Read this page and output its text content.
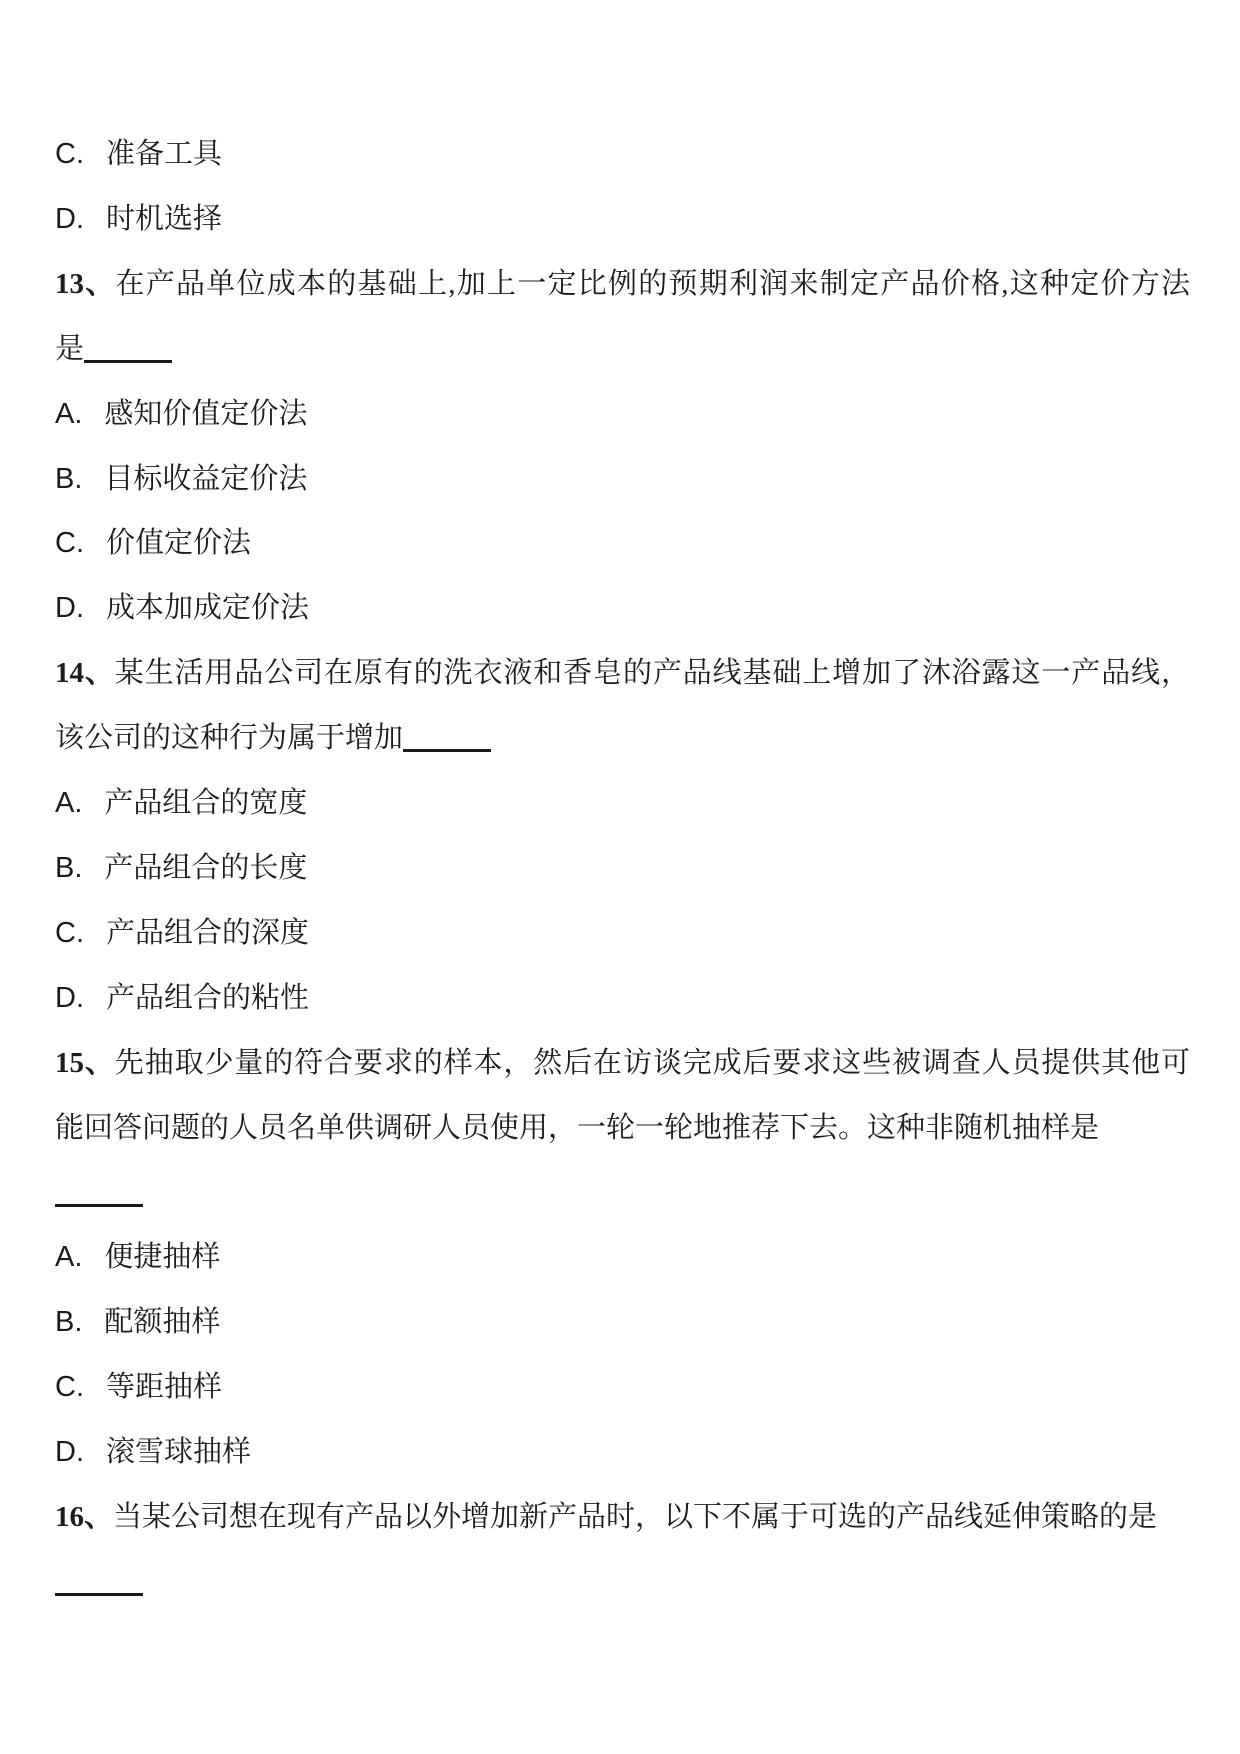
C. 准备工具
D. 时机选择
13、在产品单位成本的基础上,加上一定比例的预期利润来制定产品价格,这种定价方法
是
A. 感知价值定价法
B. 目标收益定价法
C. 价值定价法
D. 成本加成定价法
14、某生活用品公司在原有的洗衣液和香皂的产品线基础上增加了沐浴露这一产品线，
该公司的这种行为属于增加
A. 产品组合的宽度
B. 产品组合的长度
C. 产品组合的深度
D. 产品组合的粘性
15、先抽取少量的符合要求的样本，然后在访谈完成后要求这些被调查人员提供其他可
能回答问题的人员名单供调研人员使用，一轮一轮地推荐下去。这种非随机抽样是
A. 便捷抽样
B. 配额抽样
C. 等距抽样
D. 滚雪球抽样
16、当某公司想在现有产品以外增加新产品时，以下不属于可选的产品线延伸策略的是
